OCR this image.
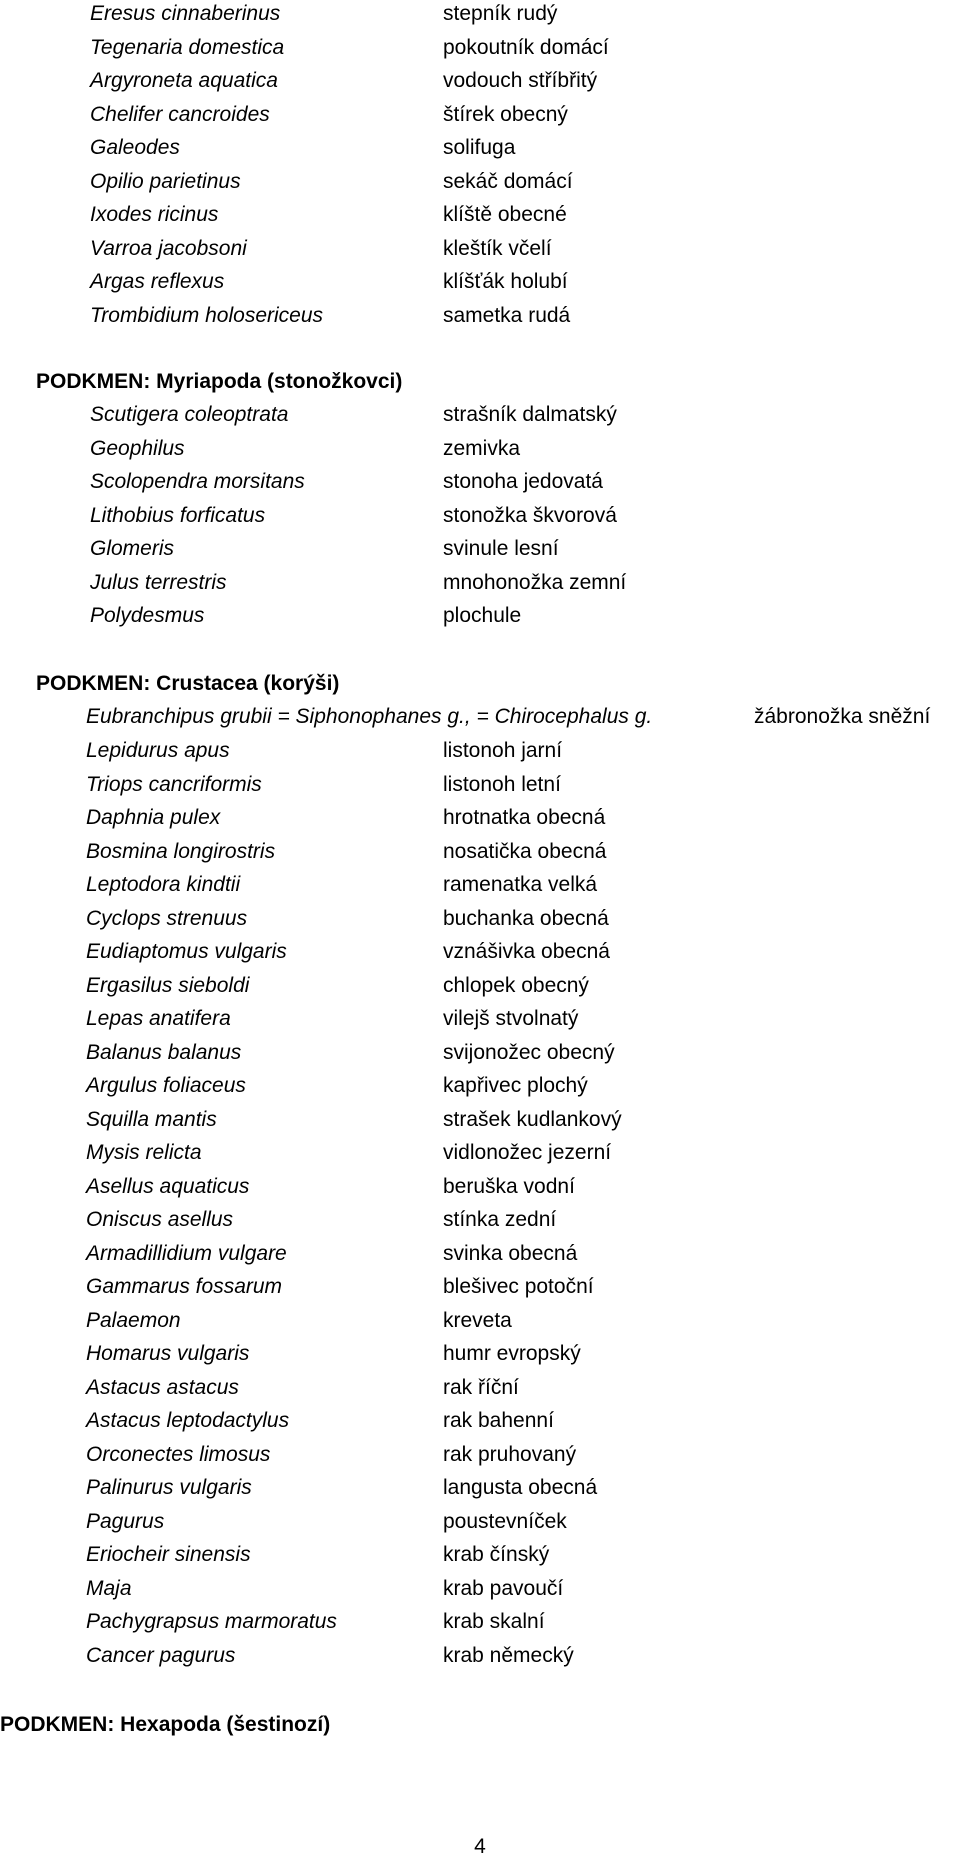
Eresus cinnaberinus	stepník rudý
Tegenaria domestica	pokoutník domácí
Argyroneta aquatica	vodouch stříbřitý
Chelifer cancroides	štírek obecný
Galeodes	solifuga
Opilio parietinus	sekáč domácí
Ixodes ricinus	klíště obecné
Varroa jacobsoni	kleštík včelí
Argas reflexus	klíšťák holubí
Trombidium holosericeus	sametka rudá
PODKMEN: Myriapoda (stonožkovci)
Scutigera coleoptrata	strašník dalmatský
Geophilus	zemivka
Scolopendra morsitans	stonoha jedovatá
Lithobius forficatus	stonožka škvorová
Glomeris	svinule lesní
Julus terrestris	mnohonožka zemní
Polydesmus	plochule
PODKMEN: Crustacea (korýši)
Eubranchipus grubii = Siphonophanes g., = Chirocephalus g.	žábronožka sněžní
Lepidurus apus	listonoh jarní
Triops cancriformis	listonoh letní
Daphnia pulex	hrotnatka obecná
Bosmina longirostris	nosatička obecná
Leptodora kindtii	ramenatka velká
Cyclops strenuus	buchanka obecná
Eudiaptomus vulgaris	vznášivka obecná
Ergasilus sieboldi	chlopek obecný
Lepas anatifera	vilejš stvolnatý
Balanus balanus	svijonožec obecný
Argulus foliaceus	kapřivec plochý
Squilla mantis	strašek kudlankový
Mysis relicta	vidlonožec jezerní
Asellus aquaticus	beruška vodní
Oniscus asellus	stínka zední
Armadillidium vulgare	svinka obecná
Gammarus fossarum	blešivec potoční
Palaemon	kreveta
Homarus vulgaris	humr evropský
Astacus astacus	rak říční
Astacus leptodactylus	rak bahenní
Orconectes limosus	rak pruhovaný
Palinurus vulgaris	langusta obecná
Pagurus	poustevníček
Eriocheir sinensis	krab čínský
Maja	krab pavoučí
Pachygrapsus marmoratus	krab skalní
Cancer pagurus	krab německý
PODKMEN: Hexapoda (šestinozí)
4
